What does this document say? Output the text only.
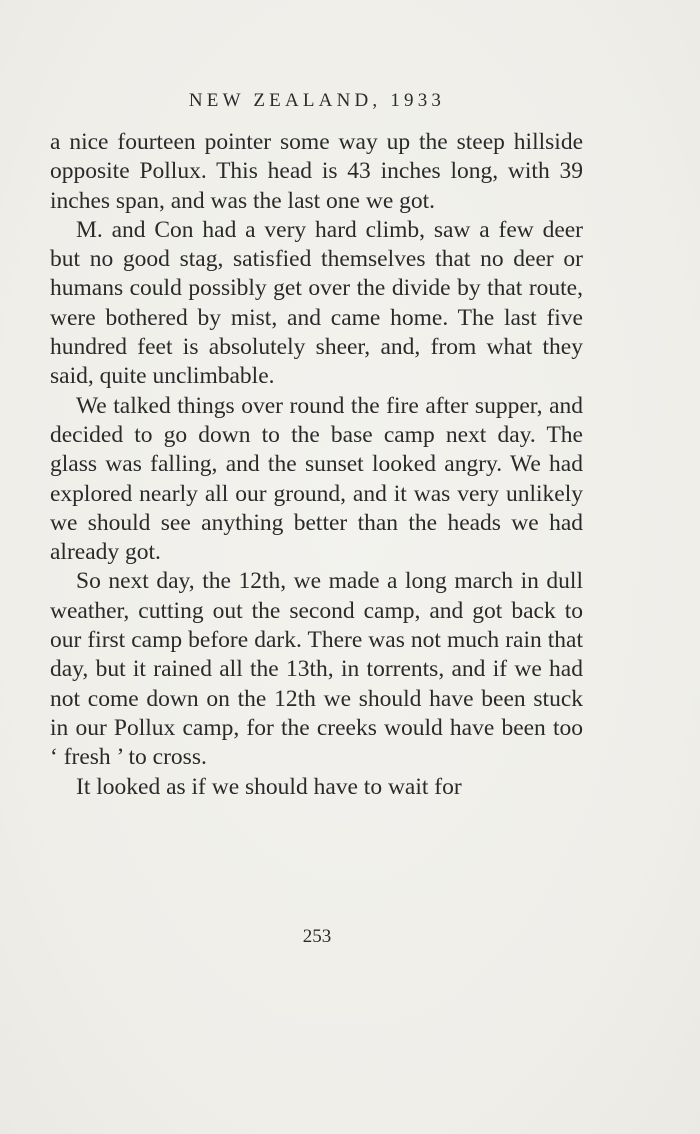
NEW ZEALAND, 1933

a nice fourteen pointer some way up the steep hillside opposite Pollux. This head is 43 inches long, with 39 inches span, and was the last one we got.

M. and Con had a very hard climb, saw a few deer but no good stag, satisfied themselves that no deer or humans could possibly get over the divide by that route, were bothered by mist, and came home. The last five hundred feet is absolutely sheer, and, from what they said, quite unclimbable.

We talked things over round the fire after supper, and decided to go down to the base camp next day. The glass was falling, and the sunset looked angry. We had explored nearly all our ground, and it was very unlikely we should see anything better than the heads we had already got.

So next day, the 12th, we made a long march in dull weather, cutting out the second camp, and got back to our first camp before dark. There was not much rain that day, but it rained all the 13th, in torrents, and if we had not come down on the 12th we should have been stuck in our Pollux camp, for the creeks would have been too ‘ fresh ’ to cross.

It looked as if we should have to wait for

253
